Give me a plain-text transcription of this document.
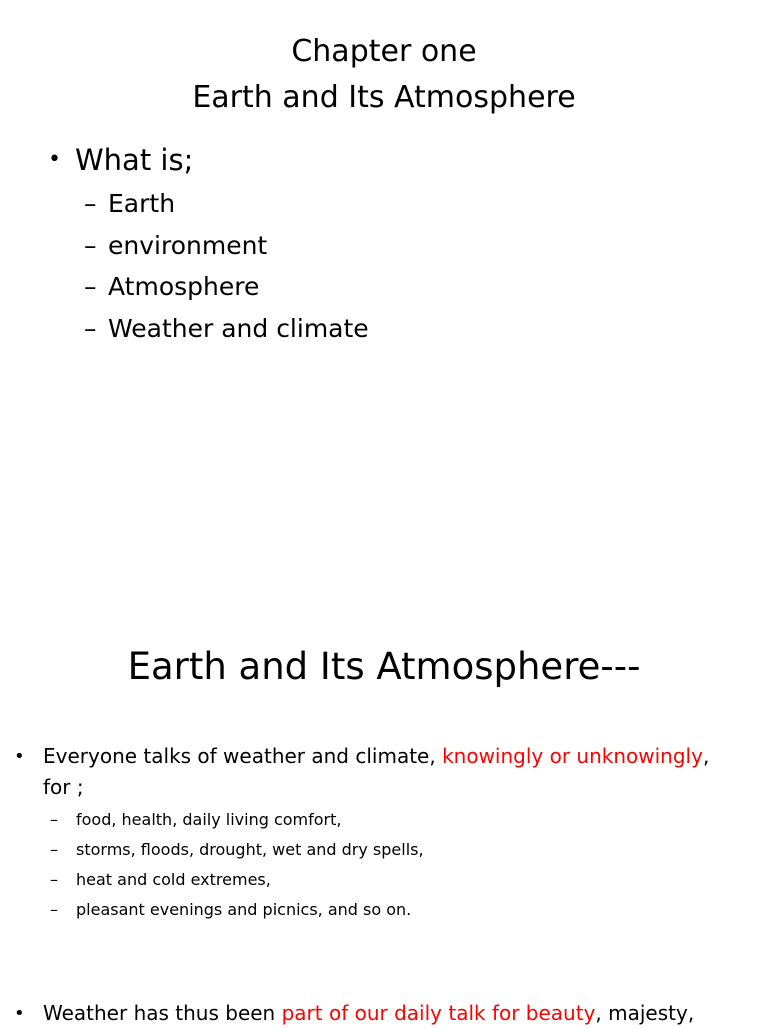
Chapter one
Earth and Its Atmosphere
• What is;
– Earth
– environment
– Atmosphere
– Weather and climate
Earth and Its Atmosphere---
• Everyone talks of weather and climate, knowingly or unknowingly, for ;
– food, health, daily living comfort,
– storms, floods, drought, wet and dry spells,
– heat and cold extremes,
– pleasant evenings and picnics, and so on.
• Weather has thus been part of our daily talk for beauty, majesty,
